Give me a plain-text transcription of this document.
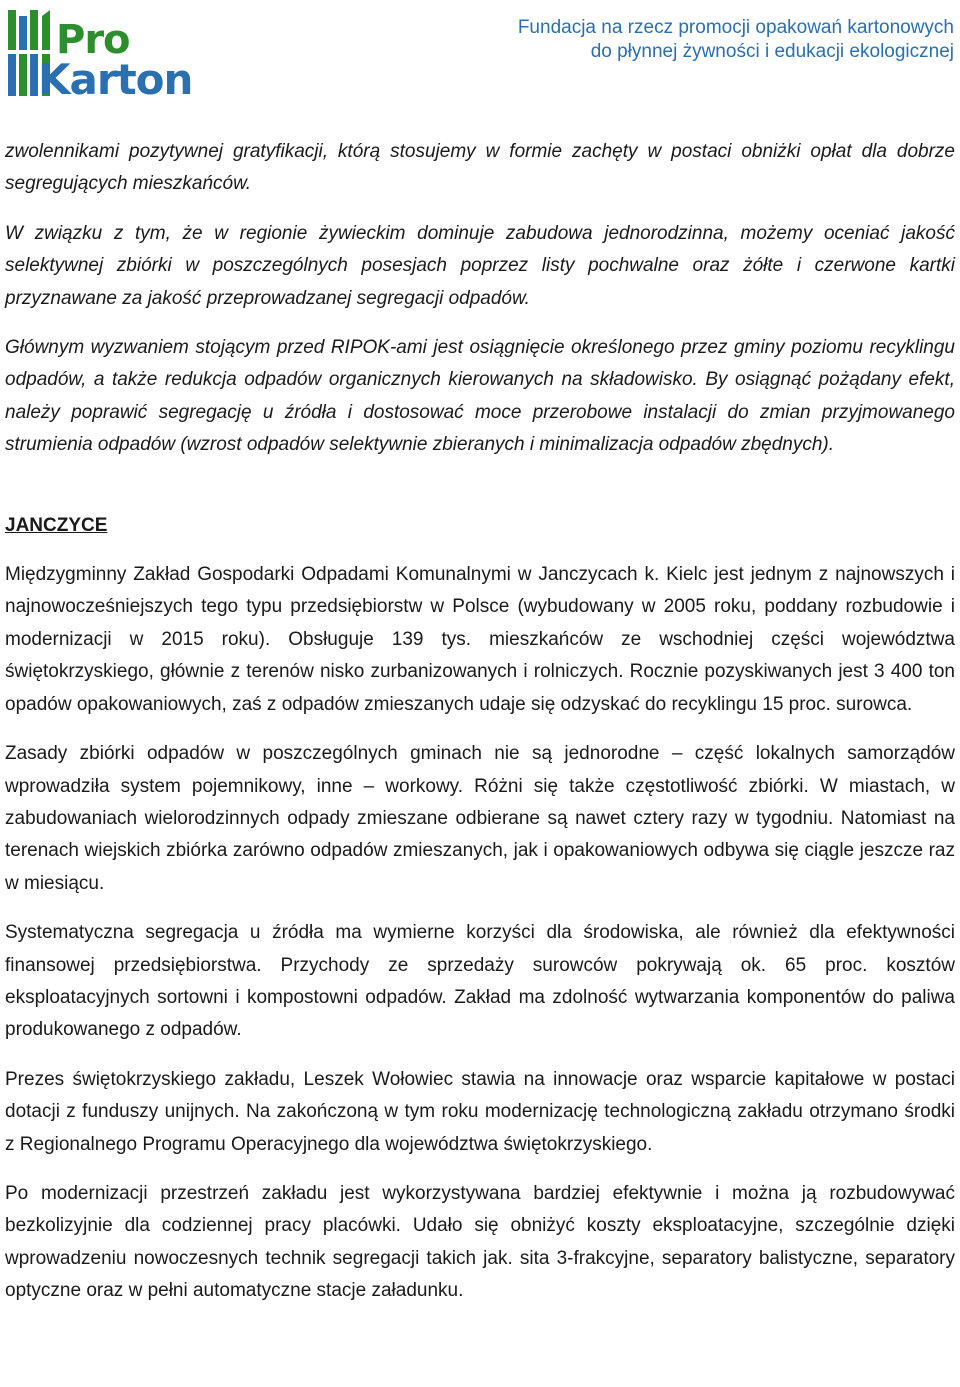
Pro
Karton
Fundacja na rzecz promocji opakowań kartonowych
do płynnej żywności i edukacji ekologicznej

zwolennikami pozytywnej gratyfikacji, którą stosujemy w formie zachęty w postaci obniżki opłat dla dobrze segregujących mieszkańców.

W związku z tym, że w regionie żywieckim dominuje zabudowa jednorodzinna, możemy oceniać jakość selektywnej zbiórki w poszczególnych posesjach poprzez listy pochwalne oraz żółte i czerwone kartki przyznawane za jakość przeprowadzanej segregacji odpadów.

Głównym wyzwaniem stojącym przed RIPOK-ami jest osiągnięcie określonego przez gminy poziomu recyklingu odpadów, a także redukcja odpadów organicznych kierowanych na składowisko. By osiągnąć pożądany efekt, należy poprawić segregację u źródła i dostosować moce przerobowe instalacji do zmian przyjmowanego strumienia odpadów (wzrost odpadów selektywnie zbieranych i minimalizacja odpadów zbędnych).

JANCZYCE

Międzygminny Zakład Gospodarki Odpadami Komunalnymi w Janczycach k. Kielc jest jednym z najnowszych i najnowocześniejszych tego typu przedsiębiorstw w Polsce (wybudowany w 2005 roku, poddany rozbudowie i modernizacji w 2015 roku). Obsługuje 139 tys. mieszkańców ze wschodniej części województwa świętokrzyskiego, głównie z terenów nisko zurbanizowanych i rolniczych. Rocznie pozyskiwanych jest 3 400 ton opadów opakowaniowych, zaś z odpadów zmieszanych udaje się odzyskać do recyklingu 15 proc. surowca.

Zasady zbiórki odpadów w poszczególnych gminach nie są jednorodne – część lokalnych samorządów wprowadziła system pojemnikowy, inne – workowy. Różni się także częstotliwość zbiórki. W miastach, w zabudowaniach wielorodzinnych odpady zmieszane odbierane są nawet cztery razy w tygodniu. Natomiast na terenach wiejskich zbiórka zarówno odpadów zmieszanych, jak i opakowaniowych odbywa się ciągle jeszcze raz w miesiącu.

Systematyczna segregacja u źródła ma wymierne korzyści dla środowiska, ale również dla efektywności finansowej przedsiębiorstwa. Przychody ze sprzedaży surowców pokrywają ok. 65 proc. kosztów eksploatacyjnych sortowni i kompostowni odpadów. Zakład ma zdolność wytwarzania komponentów do paliwa produkowanego z odpadów.

Prezes świętokrzyskiego zakładu, Leszek Wołowiec stawia na innowacje oraz wsparcie kapitałowe w postaci dotacji z funduszy unijnych. Na zakończoną w tym roku modernizację technologiczną zakładu otrzymano środki z Regionalnego Programu Operacyjnego dla województwa świętokrzyskiego.

Po modernizacji przestrzeń zakładu jest wykorzystywana bardziej efektywnie i można ją rozbudowywać bezkolizyjnie dla codziennej pracy placówki. Udało się obniżyć koszty eksploatacyjne, szczególnie dzięki wprowadzeniu nowoczesnych technik segregacji takich jak. sita 3-frakcyjne, separatory balistyczne, separatory optyczne oraz w pełni automatyczne stacje załadunku.
